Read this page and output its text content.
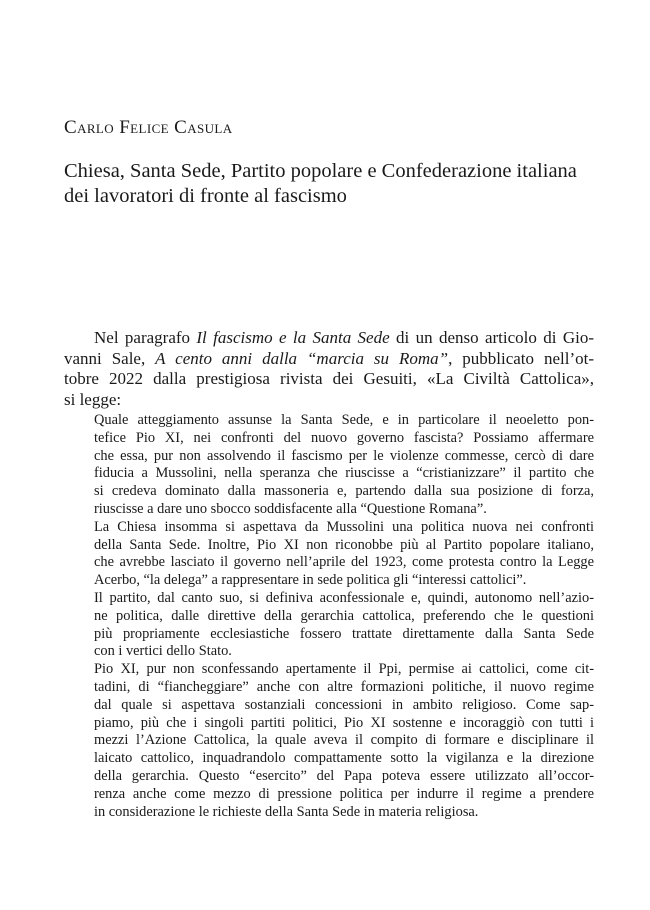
Carlo Felice Casula
Chiesa, Santa Sede, Partito popolare e Confederazione italiana
dei lavoratori di fronte al fascismo

Nel paragrafo Il fascismo e la Santa Sede di un denso articolo di Gio-
vanni Sale, A cento anni dalla “marcia su Roma”, pubblicato nell’ot-
tobre 2022 dalla prestigiosa rivista dei Gesuiti, «La Civiltà Cattolica»,
si legge:

Quale atteggiamento assunse la Santa Sede, e in particolare il neoeletto pon-
tefice Pio XI, nei confronti del nuovo governo fascista? Possiamo affermare
che essa, pur non assolvendo il fascismo per le violenze commesse, cercò di dare
fiducia a Mussolini, nella speranza che riuscisse a “cristianizzare” il partito che
si credeva dominato dalla massoneria e, partendo dalla sua posizione di forza,
riuscisse a dare uno sbocco soddisfacente alla “Questione Romana”.

La Chiesa insomma si aspettava da Mussolini una politica nuova nei confronti
della Santa Sede. Inoltre, Pio XI non riconobbe più al Partito popolare italiano,
che avrebbe lasciato il governo nell’aprile del 1923, come protesta contro la Legge
Acerbo, “la delega” a rappresentare in sede politica gli “interessi cattolici”.

Il partito, dal canto suo, si definiva aconfessionale e, quindi, autonomo nell’azio-
ne politica, dalle direttive della gerarchia cattolica, preferendo che le questioni
più propriamente ecclesiastiche fossero trattate direttamente dalla Santa Sede
con i vertici dello Stato.

Pio XI, pur non sconfessando apertamente il Ppi, permise ai cattolici, come cit-
tadini, di “fiancheggiare” anche con altre formazioni politiche, il nuovo regime
dal quale si aspettava sostanziali concessioni in ambito religioso. Come sap-
piamo, più che i singoli partiti politici, Pio XI sostenne e incoraggiò con tutti i
mezzi l’Azione Cattolica, la quale aveva il compito di formare e disciplinare il
laicato cattolico, inquadrandolo compattamente sotto la vigilanza e la direzione
della gerarchia. Questo “esercito” del Papa poteva essere utilizzato all’occor-
renza anche come mezzo di pressione politica per indurre il regime a prendere
in considerazione le richieste della Santa Sede in materia religiosa.
